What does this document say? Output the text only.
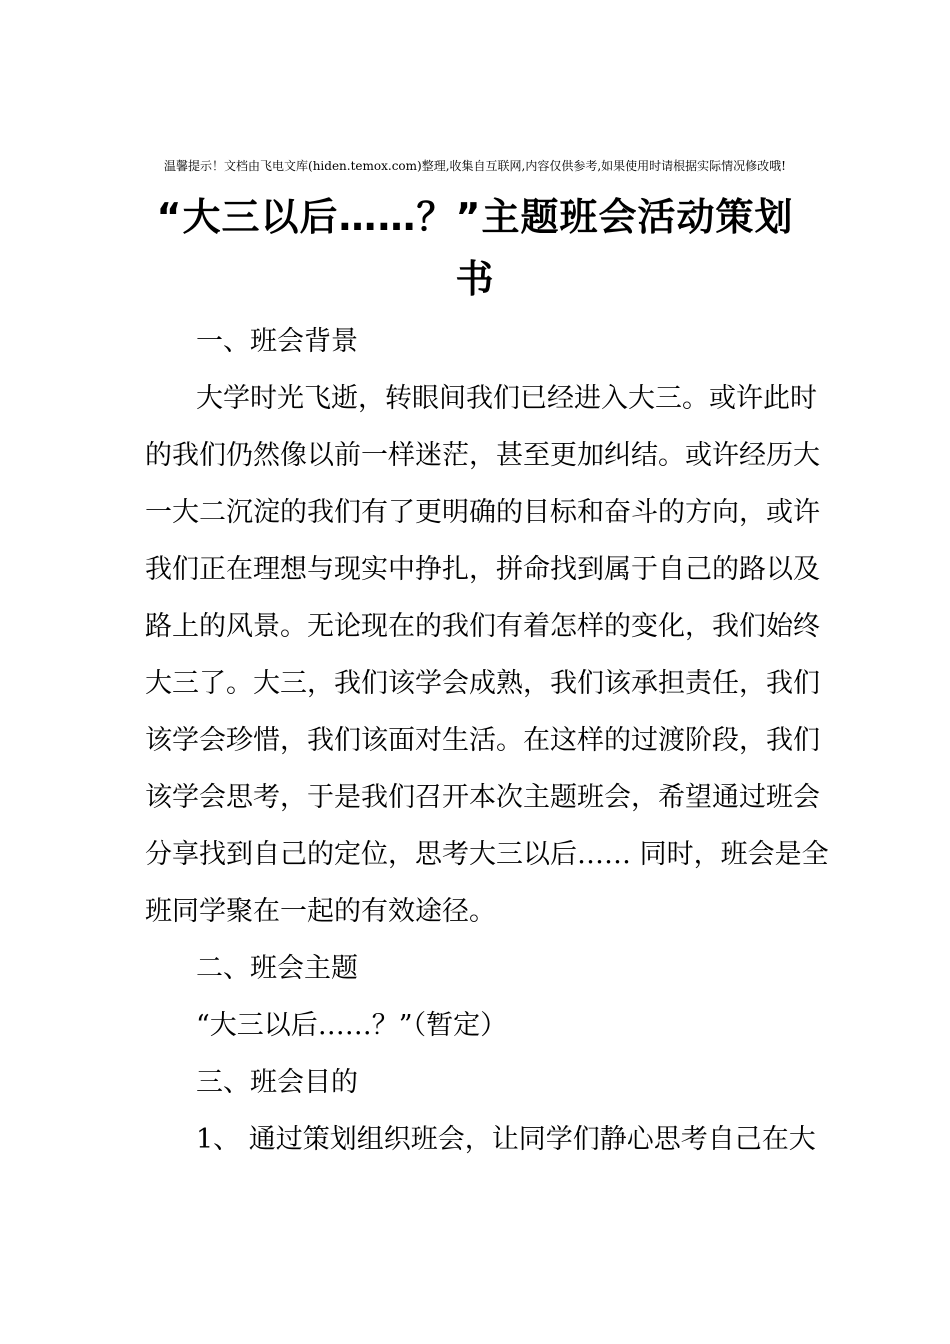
温馨提示！文档由飞电文库(hiden.temox.com)整理,收集自互联网,内容仅供参考,如果使用时请根据实际情况修改哦!
“大三以后……？”主题班会活动策划
书
一、班会背景
大学时光飞逝，转眼间我们已经进入大三。或许此时
的我们仍然像以前一样迷茫，甚至更加纠结。或许经历大
一大二沉淀的我们有了更明确的目标和奋斗的方向，或许
我们正在理想与现实中挣扎，拼命找到属于自己的路以及
路上的风景。无论现在的我们有着怎样的变化，我们始终
大三了。大三，我们该学会成熟，我们该承担责任，我们
该学会珍惜，我们该面对生活。在这样的过渡阶段，我们
该学会思考，于是我们召开本次主题班会，希望通过班会
分享找到自己的定位，思考大三以后…… 同时，班会是全
班同学聚在一起的有效途径。
二、班会主题
“大三以后……？”（暂定）
三、班会目的
1、 通过策划组织班会，让同学们静心思考自己在大
